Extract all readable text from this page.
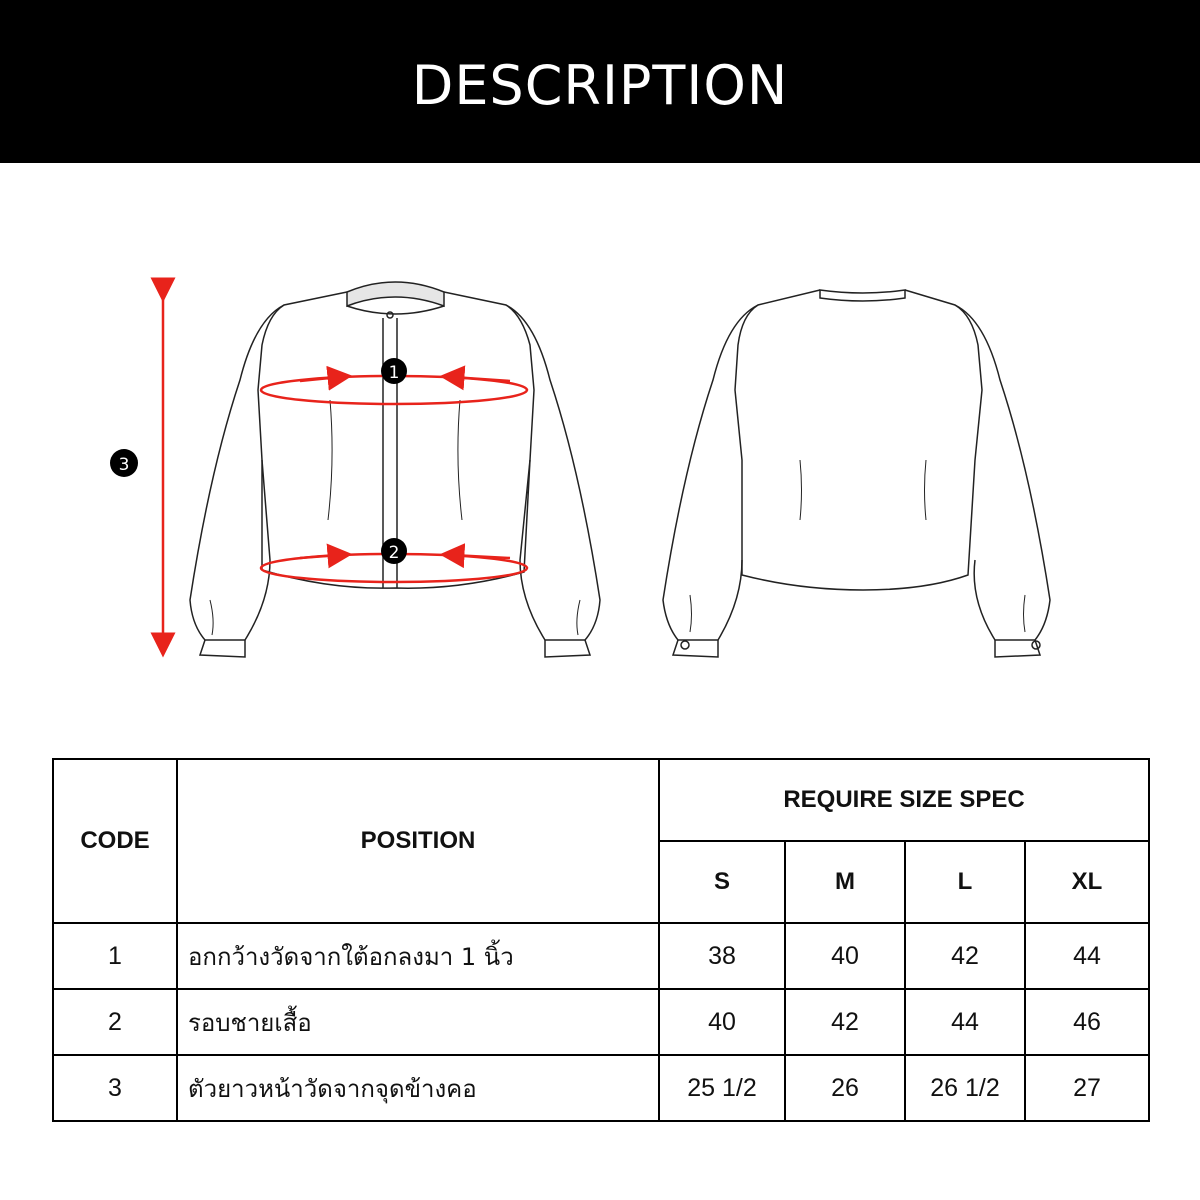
DESCRIPTION
1
2
3
CODE	POSITION	REQUIRE SIZE SPEC			
		S	M	L	XL
1	อกกว้างวัดจากใต้อกลงมา 1 นิ้ว	38	40	42	44
2	รอบชายเสื้อ	40	42	44	46
3	ตัวยาวหน้าวัดจากจุดข้างคอ	25 1/2	26	26 1/2	27
